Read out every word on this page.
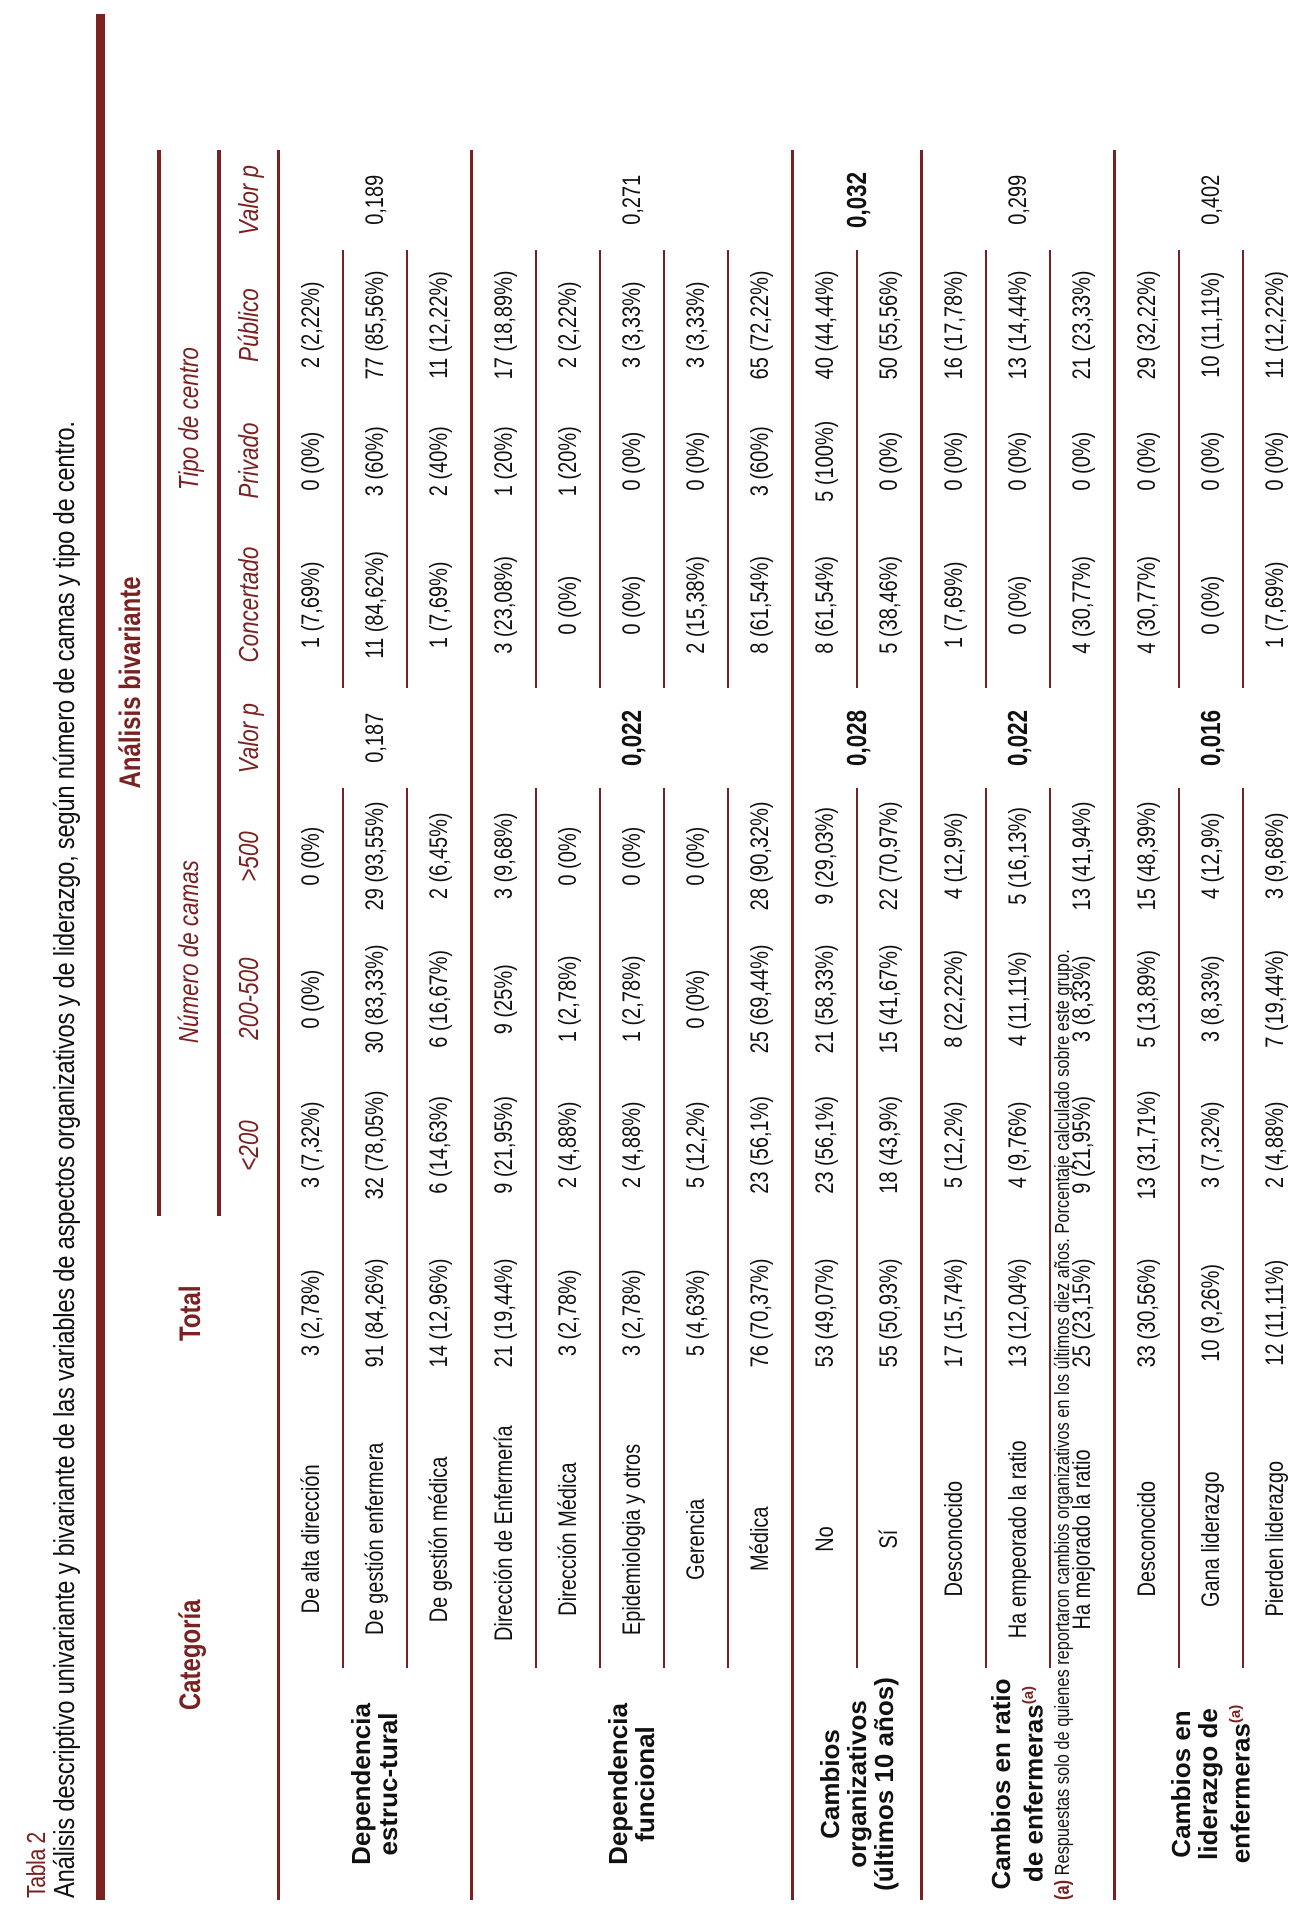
Tabla 2
Análisis descriptivo univariante y bivariante de las variables de aspectos organizativos y de liderazgo, según número de camas y tipo de centro.	Categoría		Total	Análisis bivariante								
			Número de camas				Tipo de centro				
			<200	200-500	>500	Valor p	Concertado	Privado	Público	Valor p	
Dependencia estruc-tural	De alta dirección	3 (2,78%)	3 (7,32%)	0 (0%)	0 (0%)	0,187	1 (7,69%)	0 (0%)	2 (2,22%)	0,189	
	De gestión enfermera	91 (84,26%)	32 (78,05%)	30 (83,33%)	29 (93,55%)		11 (84,62%)	3 (60%)	77 (85,56%)		
	De gestión médica	14 (12,96%)	6 (14,63%)	6 (16,67%)	2 (6,45%)		1 (7,69%)	2 (40%)	11 (12,22%)		
Dependencia funcional	Dirección de Enfermería	21 (19,44%)	9 (21,95%)	9 (25%)	3 (9,68%)	0,022	3 (23,08%)	1 (20%)	17 (18,89%)	0,271	
	Dirección Médica	3 (2,78%)	2 (4,88%)	1 (2,78%)	0 (0%)		0 (0%)	1 (20%)	2 (2,22%)		
	Epidemiologia y otros	3 (2,78%)	2 (4,88%)	1 (2,78%)	0 (0%)		0 (0%)	0 (0%)	3 (3,33%)		
	Gerencia	5 (4,63%)	5 (12,2%)	0 (0%)	0 (0%)		2 (15,38%)	0 (0%)	3 (3,33%)		
	Médica	76 (70,37%)	23 (56,1%)	25 (69,44%)	28 (90,32%)		8 (61,54%)	3 (60%)	65 (72,22%)		
Cambios organizativos (últimos 10 años)	No	53 (49,07%)	23 (56,1%)	21 (58,33%)	9 (29,03%)	0,028	8 (61,54%)	5 (100%)	40 (44,44%)	0,032	
	Sí	55 (50,93%)	18 (43,9%)	15 (41,67%)	22 (70,97%)		5 (38,46%)	0 (0%)	50 (55,56%)		
Cambios en ratio de enfermeras$^{(a)}$	Desconocido	17 (15,74%)	5 (12,2%)	8 (22,22%)	4 (12,9%)	0,022	1 (7,69%)	0 (0%)	16 (17,78%)	0,299	
	Ha empeorado la ratio	13 (12,04%)	4 (9,76%)	4 (11,11%)	5 (16,13%)		0 (0%)	0 (0%)	13 (14,44%)		
	Ha mejorado la ratio	25 (23,15%)	9 (21,95%)	3 (8,33%)	13 (41,94%)		4 (30,77%)	0 (0%)	21 (23,33%)		
Cambios en liderazgo de enfermeras$^{(a)}$	Desconocido	33 (30,56%)	13 (31,71%)	5 (13,89%)	15 (48,39%)	0,016	4 (30,77%)	0 (0%)	29 (32,22%)	0,402	
	Gana liderazgo	10 (9,26%)	3 (7,32%)	3 (8,33%)	4 (12,9%)		0 (0%)	0 (0%)	10 (11,11%)		
	Pierden liderazgo	12 (11,11%)	2 (4,88%)	7 (19,44%)	3 (9,68%)		1 (7,69%)	0 (0%)	11 (12,22%)		
(a) Respuestas solo de quienes reportaron cambios organizativos en los últimos diez años. Porcentaje calculado sobre este grupo.
